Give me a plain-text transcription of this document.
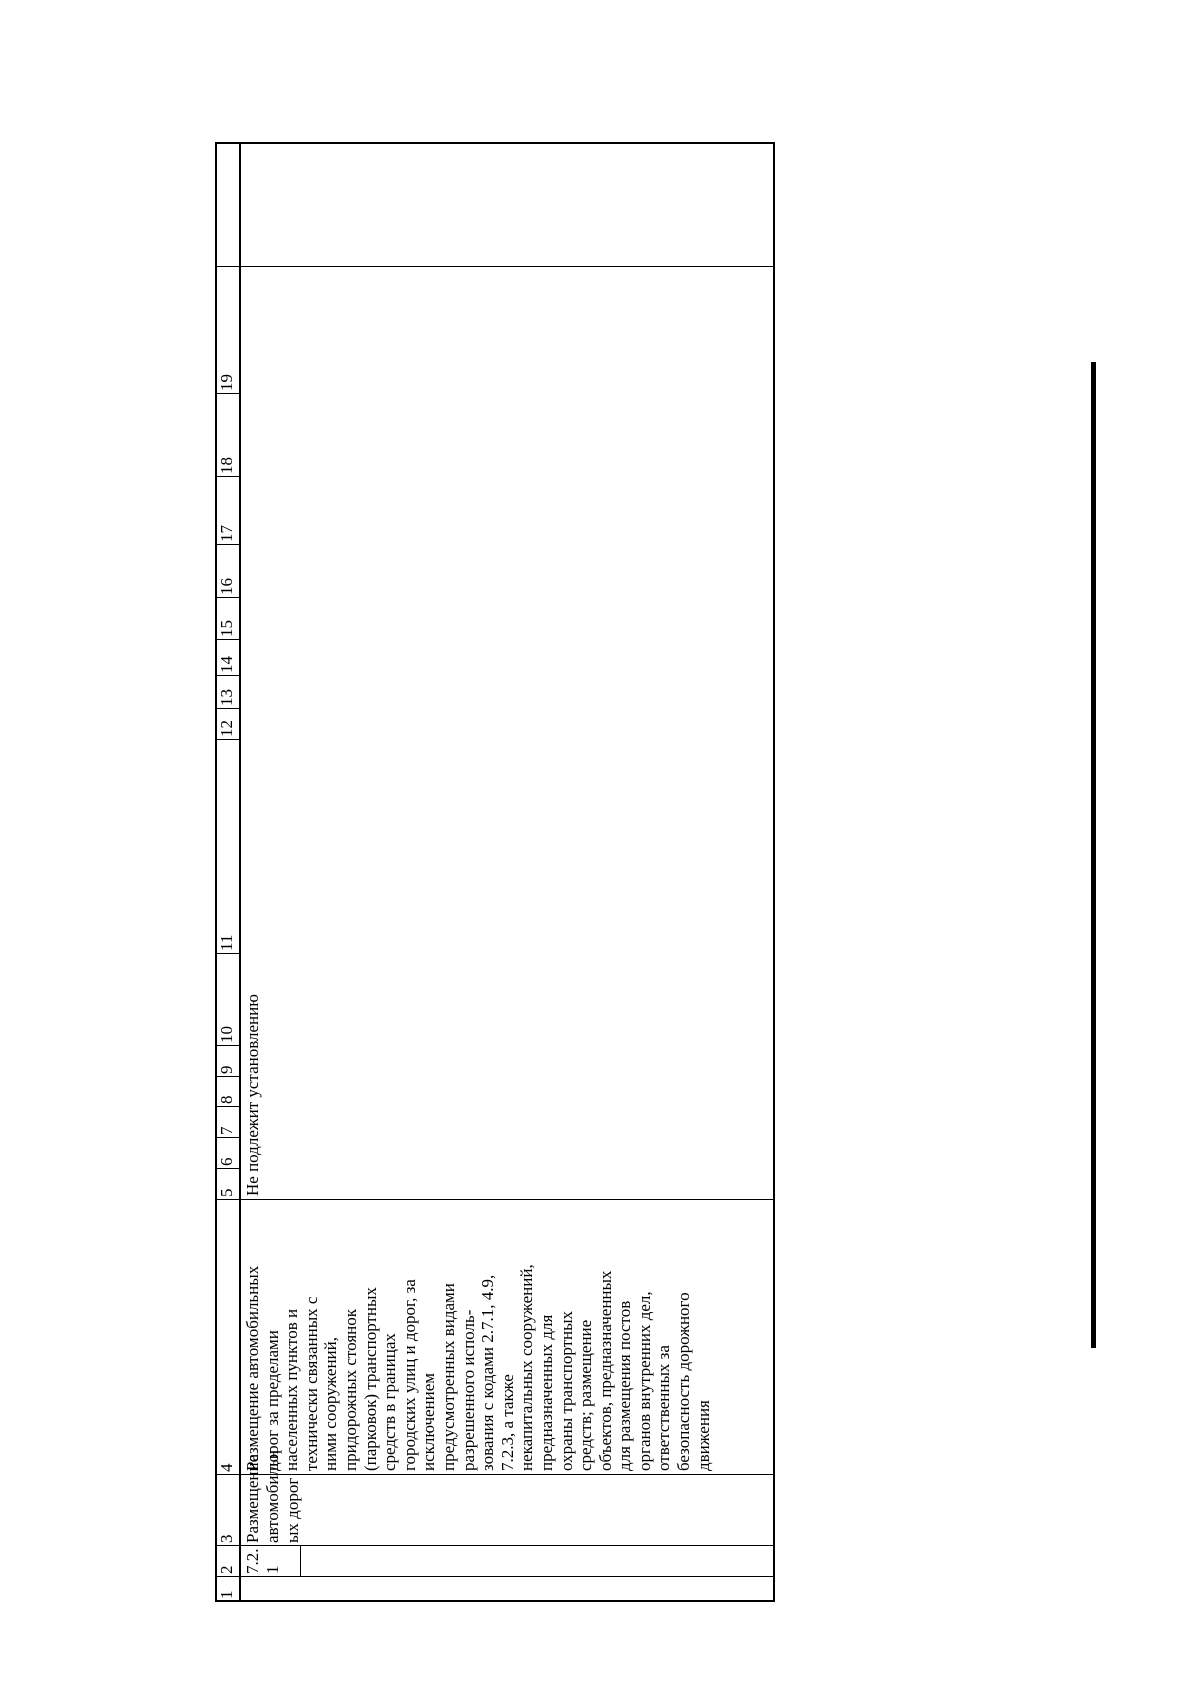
1
2
3
4
5
6
7
8
9
10
11
12
13
14
15
16
17
18
19
7.2. 1
Размещение автомобильн ых дорог
Размещение автомобильных дорог за пределами населенных пунктов и технически связанных с ними сооружений, придорожных стоянок (парковок) транспортных средств в границах городских улиц и дорог, за исключением предусмотренных видами разрешенного исполь- зования с кодами 2.7.1, 4.9, 7.2.3, а также некапитальных сооружений, предназначенных для охраны транспортных средств; размещение объектов, предназначенных для размещения постов органов внутренних дел, ответственных за безопасность дорожного движения
Не подлежит установлению
